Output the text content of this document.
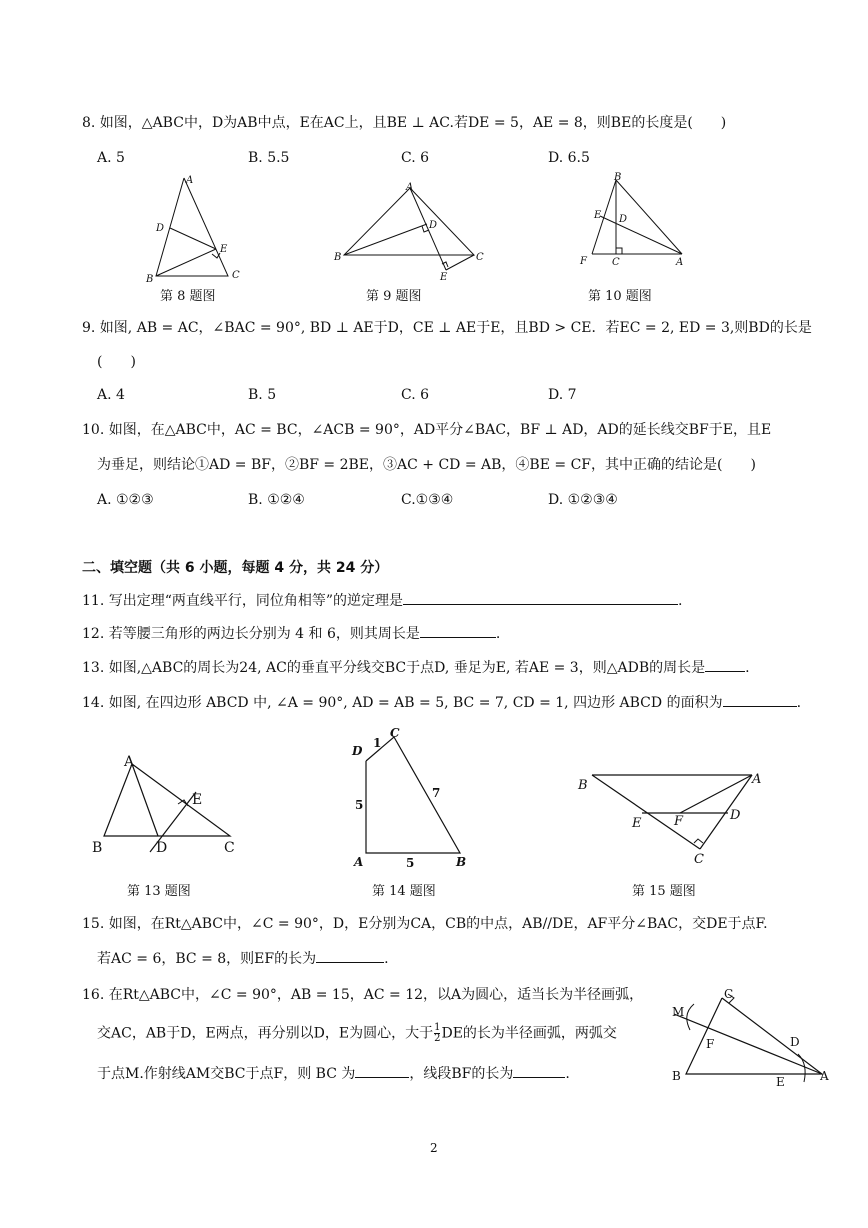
8. 如图，△ABC中，D为AB中点，E在AC上，且BE ⊥ AC.若DE = 5，AE = 8，则BE的长度是(　　)
A. 5	B. 5.5	C. 6	D. 6.5
A
B	C
D
E
第 8 题图
A
B	C
D
E
第 9 题图
B
E D
F	C	A
第 10 题图
9. 如图, AB = AC，∠BAC = 90°, BD ⊥ AE于D，CE ⊥ AE于E，且BD > CE．若EC = 2, ED = 3,则BD的长是
(　　)
A. 4	B. 5	C. 6	D. 7
10. 如图，在△ABC中，AC = BC，∠ACB = 90°，AD平分∠BAC，BF ⊥ AD，AD的延长线交BF于E，且E
为垂足，则结论①AD = BF，②BF = 2BE，③AC + CD = AB，④BE = CF，其中正确的结论是(　　)
A. ①②③	B. ①②④	C.①③④	D. ①②③④
二、填空题（共 6 小题，每题 4 分，共 24 分）
11. 写出定理“两直线平行，同位角相等”的逆定理是	.
12. 若等腰三角形的两边长分别为 4 和 6，则其周长是	.
13. 如图,△ABC的周长为24, AC的垂直平分线交BC于点D, 垂足为E, 若AE = 3，则△ADB的周长是	.
14. 如图, 在四边形 ABCD 中, ∠A = 90°, AD = AB = 5, BC = 7, CD = 1, 四边形 ABCD 的面积为	.
A
B	C
D
E
第 13 题图
D
C
A	B
1
5
5
7
第 14 题图
B	A
E	F	D
C
第 15 题图
15. 如图，在Rt△ABC中，∠C = 90°，D，E分别为CA，CB的中点，AB//DE，AF平分∠BAC，交DE于点F.
若AC = 6，BC = 8，则EF的长为	.
16. 在Rt△ABC中，∠C = 90°，AB = 15，AC = 12，以A为圆心，适当长为半径画弧，
交AC，AB于D，E两点，再分别以D，E为圆心，大于 $\frac{1}{2}$ DE的长为半径画弧，两弧交
于点M.作射线AM交BC于点F，则 BC 为	，线段BF的长为	.
C
M
F	D
B	E	A
2
